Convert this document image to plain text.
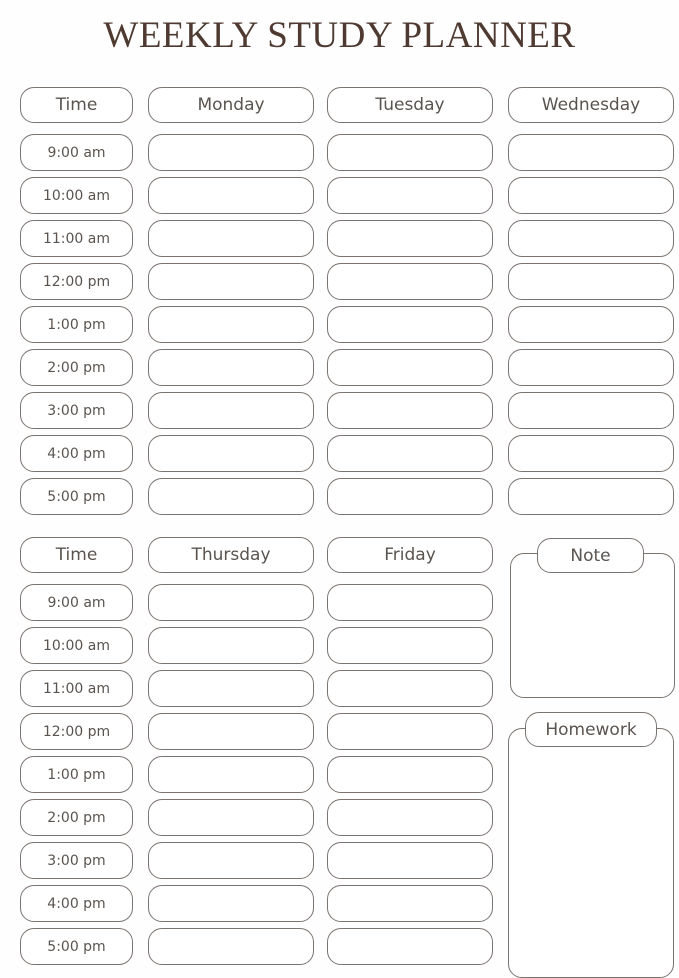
WEEKLY STUDY PLANNER
Time	Monday	Tuesday	Wednesday
9:00 am
10:00 am
11:00 am
12:00 pm
1:00 pm
2:00 pm
3:00 pm
4:00 pm
5:00 pm
Time	Thursday	Friday
9:00 am
10:00 am
11:00 am
12:00 pm
1:00 pm
2:00 pm
3:00 pm
4:00 pm
5:00 pm
Note
Homework
